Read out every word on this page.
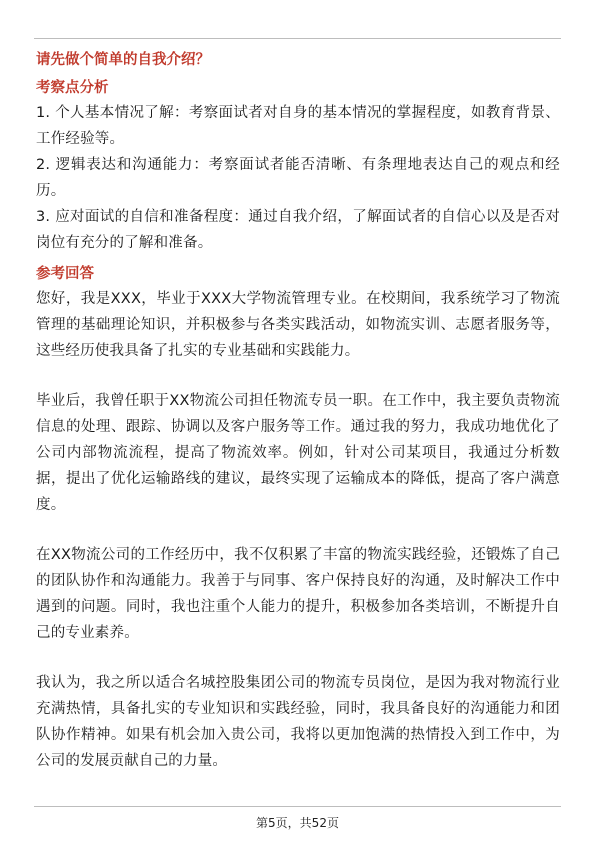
请先做个简单的自我介绍？
考察点分析
1. 个人基本情况了解：考察面试者对自身的基本情况的掌握程度，如教育背景、工作经验等。
2. 逻辑表达和沟通能力：考察面试者能否清晰、有条理地表达自己的观点和经历。
3. 应对面试的自信和准备程度：通过自我介绍，了解面试者的自信心以及是否对岗位有充分的了解和准备。
参考回答
您好，我是XXX，毕业于XXX大学物流管理专业。在校期间，我系统学习了物流管理的基础理论知识，并积极参与各类实践活动，如物流实训、志愿者服务等，这些经历使我具备了扎实的专业基础和实践能力。
毕业后，我曾任职于XX物流公司担任物流专员一职。在工作中，我主要负责物流信息的处理、跟踪、协调以及客户服务等工作。通过我的努力，我成功地优化了公司内部物流流程，提高了物流效率。例如，针对公司某项目，我通过分析数据，提出了优化运输路线的建议，最终实现了运输成本的降低，提高了客户满意度。
在XX物流公司的工作经历中，我不仅积累了丰富的物流实践经验，还锻炼了自己的团队协作和沟通能力。我善于与同事、客户保持良好的沟通，及时解决工作中遇到的问题。同时，我也注重个人能力的提升，积极参加各类培训，不断提升自己的专业素养。
我认为，我之所以适合名城控股集团公司的物流专员岗位，是因为我对物流行业充满热情，具备扎实的专业知识和实践经验，同时，我具备良好的沟通能力和团队协作精神。如果有机会加入贵公司，我将以更加饱满的热情投入到工作中，为公司的发展贡献自己的力量。
第5页，共52页
